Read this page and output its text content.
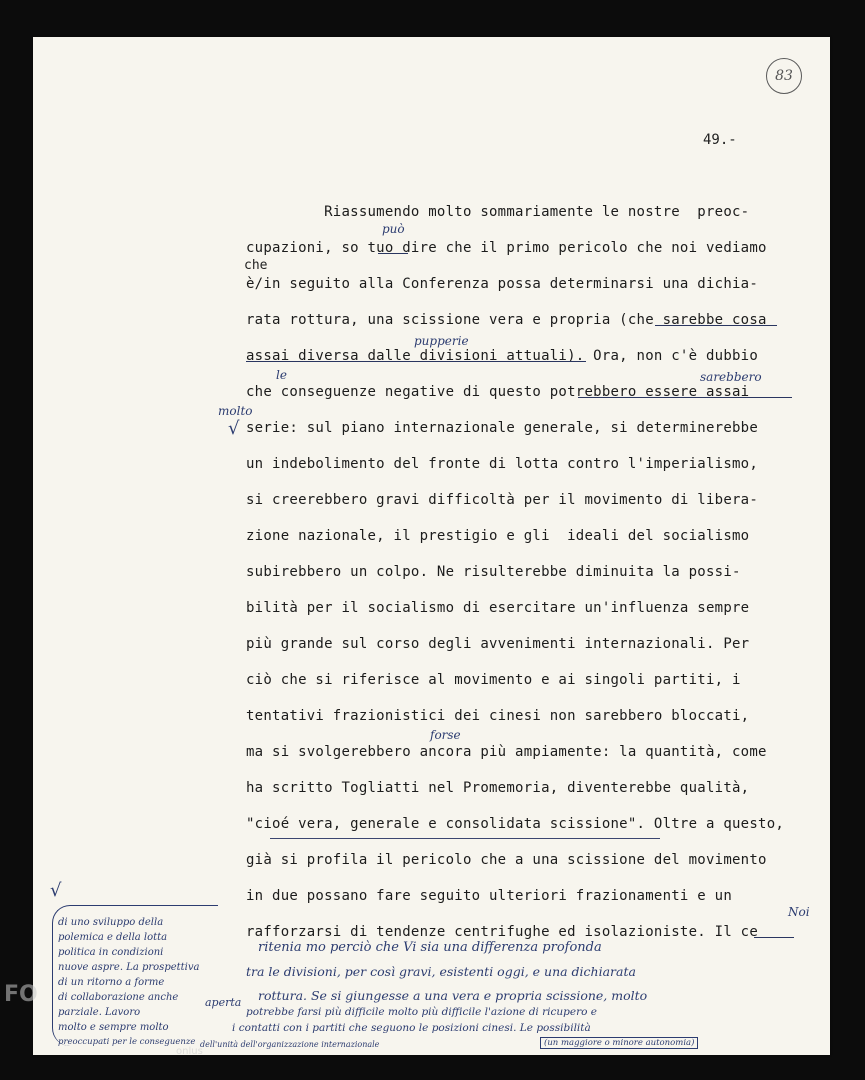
83
49.-
Riassumendo molto sommariamente le nostre  preoc-
cupazioni, so tuo dire che il primo pericolo che noi vediamo
è/in seguito alla Conferenza possa determinarsi una dichia-
rata rottura, una scissione vera e propria (che sarebbe cosa
assai diversa dalle divisioni attuali). Ora, non c'è dubbio
che conseguenze negative di questo potrebbero essere assai
serie: sul piano internazionale generale, si determinerebbe
un indebolimento del fronte di lotta contro l'imperialismo,
si creerebbero gravi difficoltà per il movimento di libera-
zione nazionale, il prestigio e gli  ideali del socialismo
subirebbero un colpo. Ne risulterebbe diminuita la possi-
bilità per il socialismo di esercitare un'influenza sempre
più grande sul corso degli avvenimenti internazionali. Per
ciò che si riferisce al movimento e ai singoli partiti, i
tentativi frazionistici dei cinesi non sarebbero bloccati,
ma si svolgerebbero ancora più ampiamente: la quantità, come
ha scritto Togliatti nel Promemoria, diventerebbe qualità,
"cioé vera, generale e consolidata scissione". Oltre a questo,
già si profila il pericolo che a una scissione del movimento
in due possano fare seguito ulteriori frazionamenti e un
rafforzarsi di tendenze centrifughe ed isolazioniste. Il ce
può
che
pupperie
le	sarebbero
molto
√
forse
Noi
ritenia mo perciò che Vi sia una differenza profonda
tra le divisioni, per così gravi, esistenti oggi, e una dichiarata
rottura. Se si giungesse a una vera e propria scissione, molto
potrebbe farsi più difficile molto più difficile l'azione di ricupero e
i contatti con i partiti che seguono le posizioni cinesi. Le possibilità
(un maggiore o minore autonomia)
√
di uno sviluppo della
polemica e della lotta
politica in condizioni
nuove aspre. La prospettiva
di un ritorno a forme
di collaborazione anche
parziale. Lavoro
molto e sempre molto
preoccupati per le conseguenze
aperta
dell'unità dell'organizzazione internazionale
FO
onlus
